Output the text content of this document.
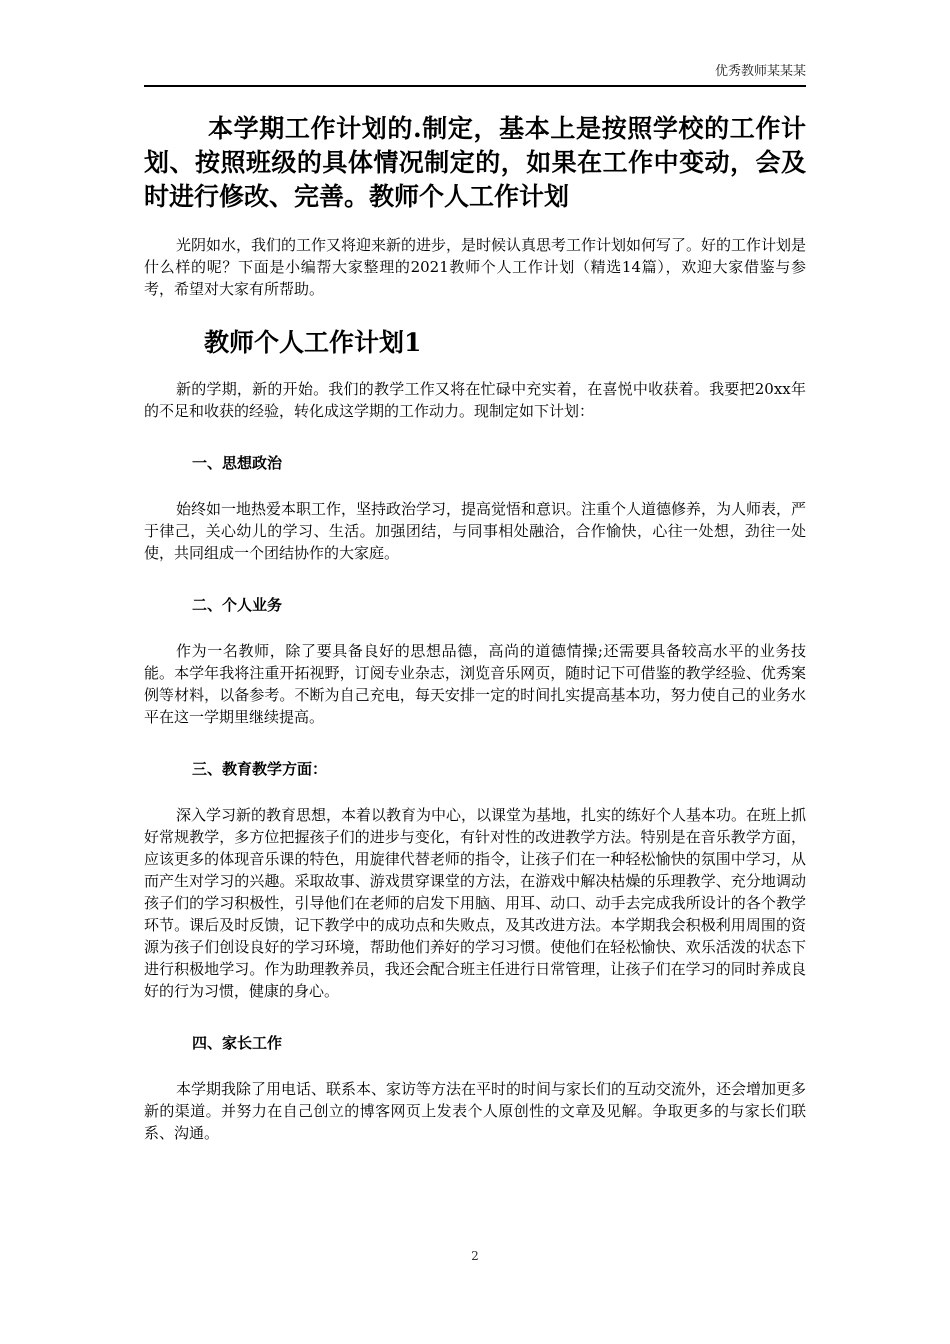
优秀教师某某某

本学期工作计划的.制定，基本上是按照学校的工作计划、按照班级的具体情况制定的，如果在工作中变动，会及时进行修改、完善。教师个人工作计划

光阴如水，我们的工作又将迎来新的进步，是时候认真思考工作计划如何写了。好的工作计划是什么样的呢？下面是小编帮大家整理的2021教师个人工作计划（精选14篇），欢迎大家借鉴与参考，希望对大家有所帮助。

教师个人工作计划1

新的学期，新的开始。我们的教学工作又将在忙碌中充实着，在喜悦中收获着。我要把20xx年的不足和收获的经验，转化成这学期的工作动力。现制定如下计划：

一、思想政治

始终如一地热爱本职工作，坚持政治学习，提高觉悟和意识。注重个人道德修养，为人师表，严于律己，关心幼儿的学习、生活。加强团结，与同事相处融洽，合作愉快，心往一处想，劲往一处使，共同组成一个团结协作的大家庭。

二、个人业务

作为一名教师，除了要具备良好的思想品德，高尚的道德情操;还需要具备较高水平的业务技能。本学年我将注重开拓视野，订阅专业杂志，浏览音乐网页，随时记下可借鉴的教学经验、优秀案例等材料，以备参考。不断为自己充电，每天安排一定的时间扎实提高基本功，努力使自己的业务水平在这一学期里继续提高。

三、教育教学方面：

深入学习新的教育思想，本着以教育为中心，以课堂为基地，扎实的练好个人基本功。在班上抓好常规教学，多方位把握孩子们的进步与变化，有针对性的改进教学方法。特别是在音乐教学方面，应该更多的体现音乐课的特色，用旋律代替老师的指令，让孩子们在一种轻松愉快的氛围中学习，从而产生对学习的兴趣。采取故事、游戏贯穿课堂的方法，在游戏中解决枯燥的乐理教学、充分地调动孩子们的学习积极性，引导他们在老师的启发下用脑、用耳、动口、动手去完成我所设计的各个教学环节。课后及时反馈，记下教学中的成功点和失败点，及其改进方法。本学期我会积极利用周围的资源为孩子们创设良好的学习环境，帮助他们养好的学习习惯。使他们在轻松愉快、欢乐活泼的状态下进行积极地学习。作为助理教养员，我还会配合班主任进行日常管理，让孩子们在学习的同时养成良好的行为习惯，健康的身心。

四、家长工作

本学期我除了用电话、联系本、家访等方法在平时的时间与家长们的互动交流外，还会增加更多新的渠道。并努力在自己创立的博客网页上发表个人原创性的文章及见解。争取更多的与家长们联系、沟通。

2
